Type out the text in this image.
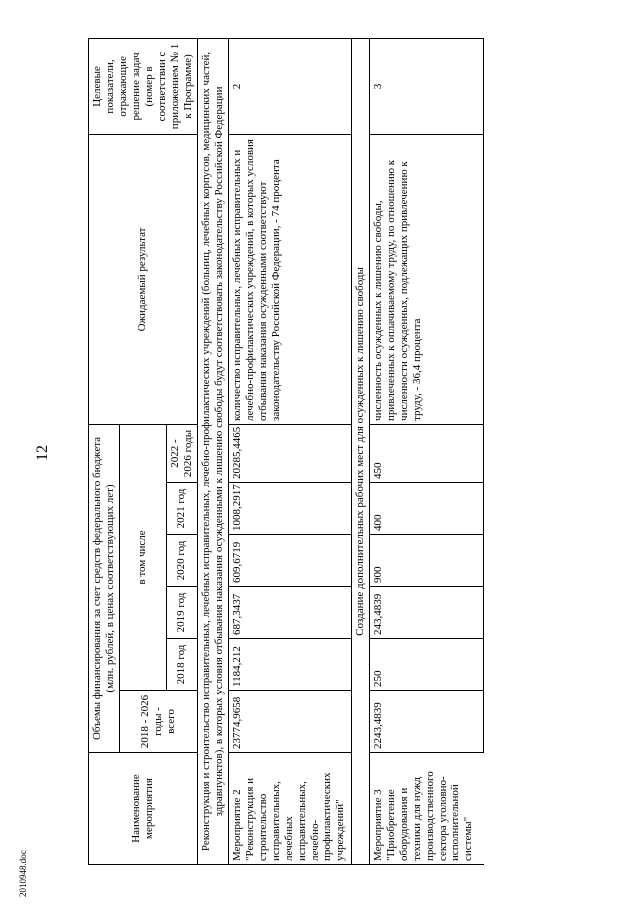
12
Наименование мероприятия	Объемы финансирования за счет средств федерального бюджета (млн. рублей, в ценах соответствующих лет)						Ожидаемый результат	Целевые показатели, отражающие решение задач (номер в соответствии с приложением № 1 к Программе)
	2018 - 2026 годы - всего	в том числе						
		2018 год	2019 год	2020 год	2021 год	2022 - 2026 годы		
Реконструкция и строительство исправительных, лечебных исправительных, лечебно-профилактических учреждений (больниц, лечебных корпусов, медицинских частей, здравпунктов), в которых условия отбывания наказания осужденными к лишению свободы будут соответствовать законодательству Российской Федерации								
Мероприятие 2 "Реконструкция и строительство исправительных, лечебных исправительных, лечебно-профилактических учреждений"	23774,9658	1184,212	687,3437	609,6719	1008,2917	20285,4465	количество исправительных, лечебных исправительных и лечебно-профилактических учреждений, в которых условия отбывания наказания осужденными соответствуют законодательству Российской Федерации, - 74 процента	2
Создание дополнительных рабочих мест для осужденных к лишению свободы								
Мероприятие 3 "Приобретение оборудования и техники для нужд производственного сектора уголовно-исполнительной системы"	2243,4839	250	243,4839	900	400	450	численность осужденных к лишению свободы, привлеченных к оплачиваемому труду, по отношению к численности осужденных, подлежащих привлечению к труду, - 36,4 процента	3
2010948.doc
